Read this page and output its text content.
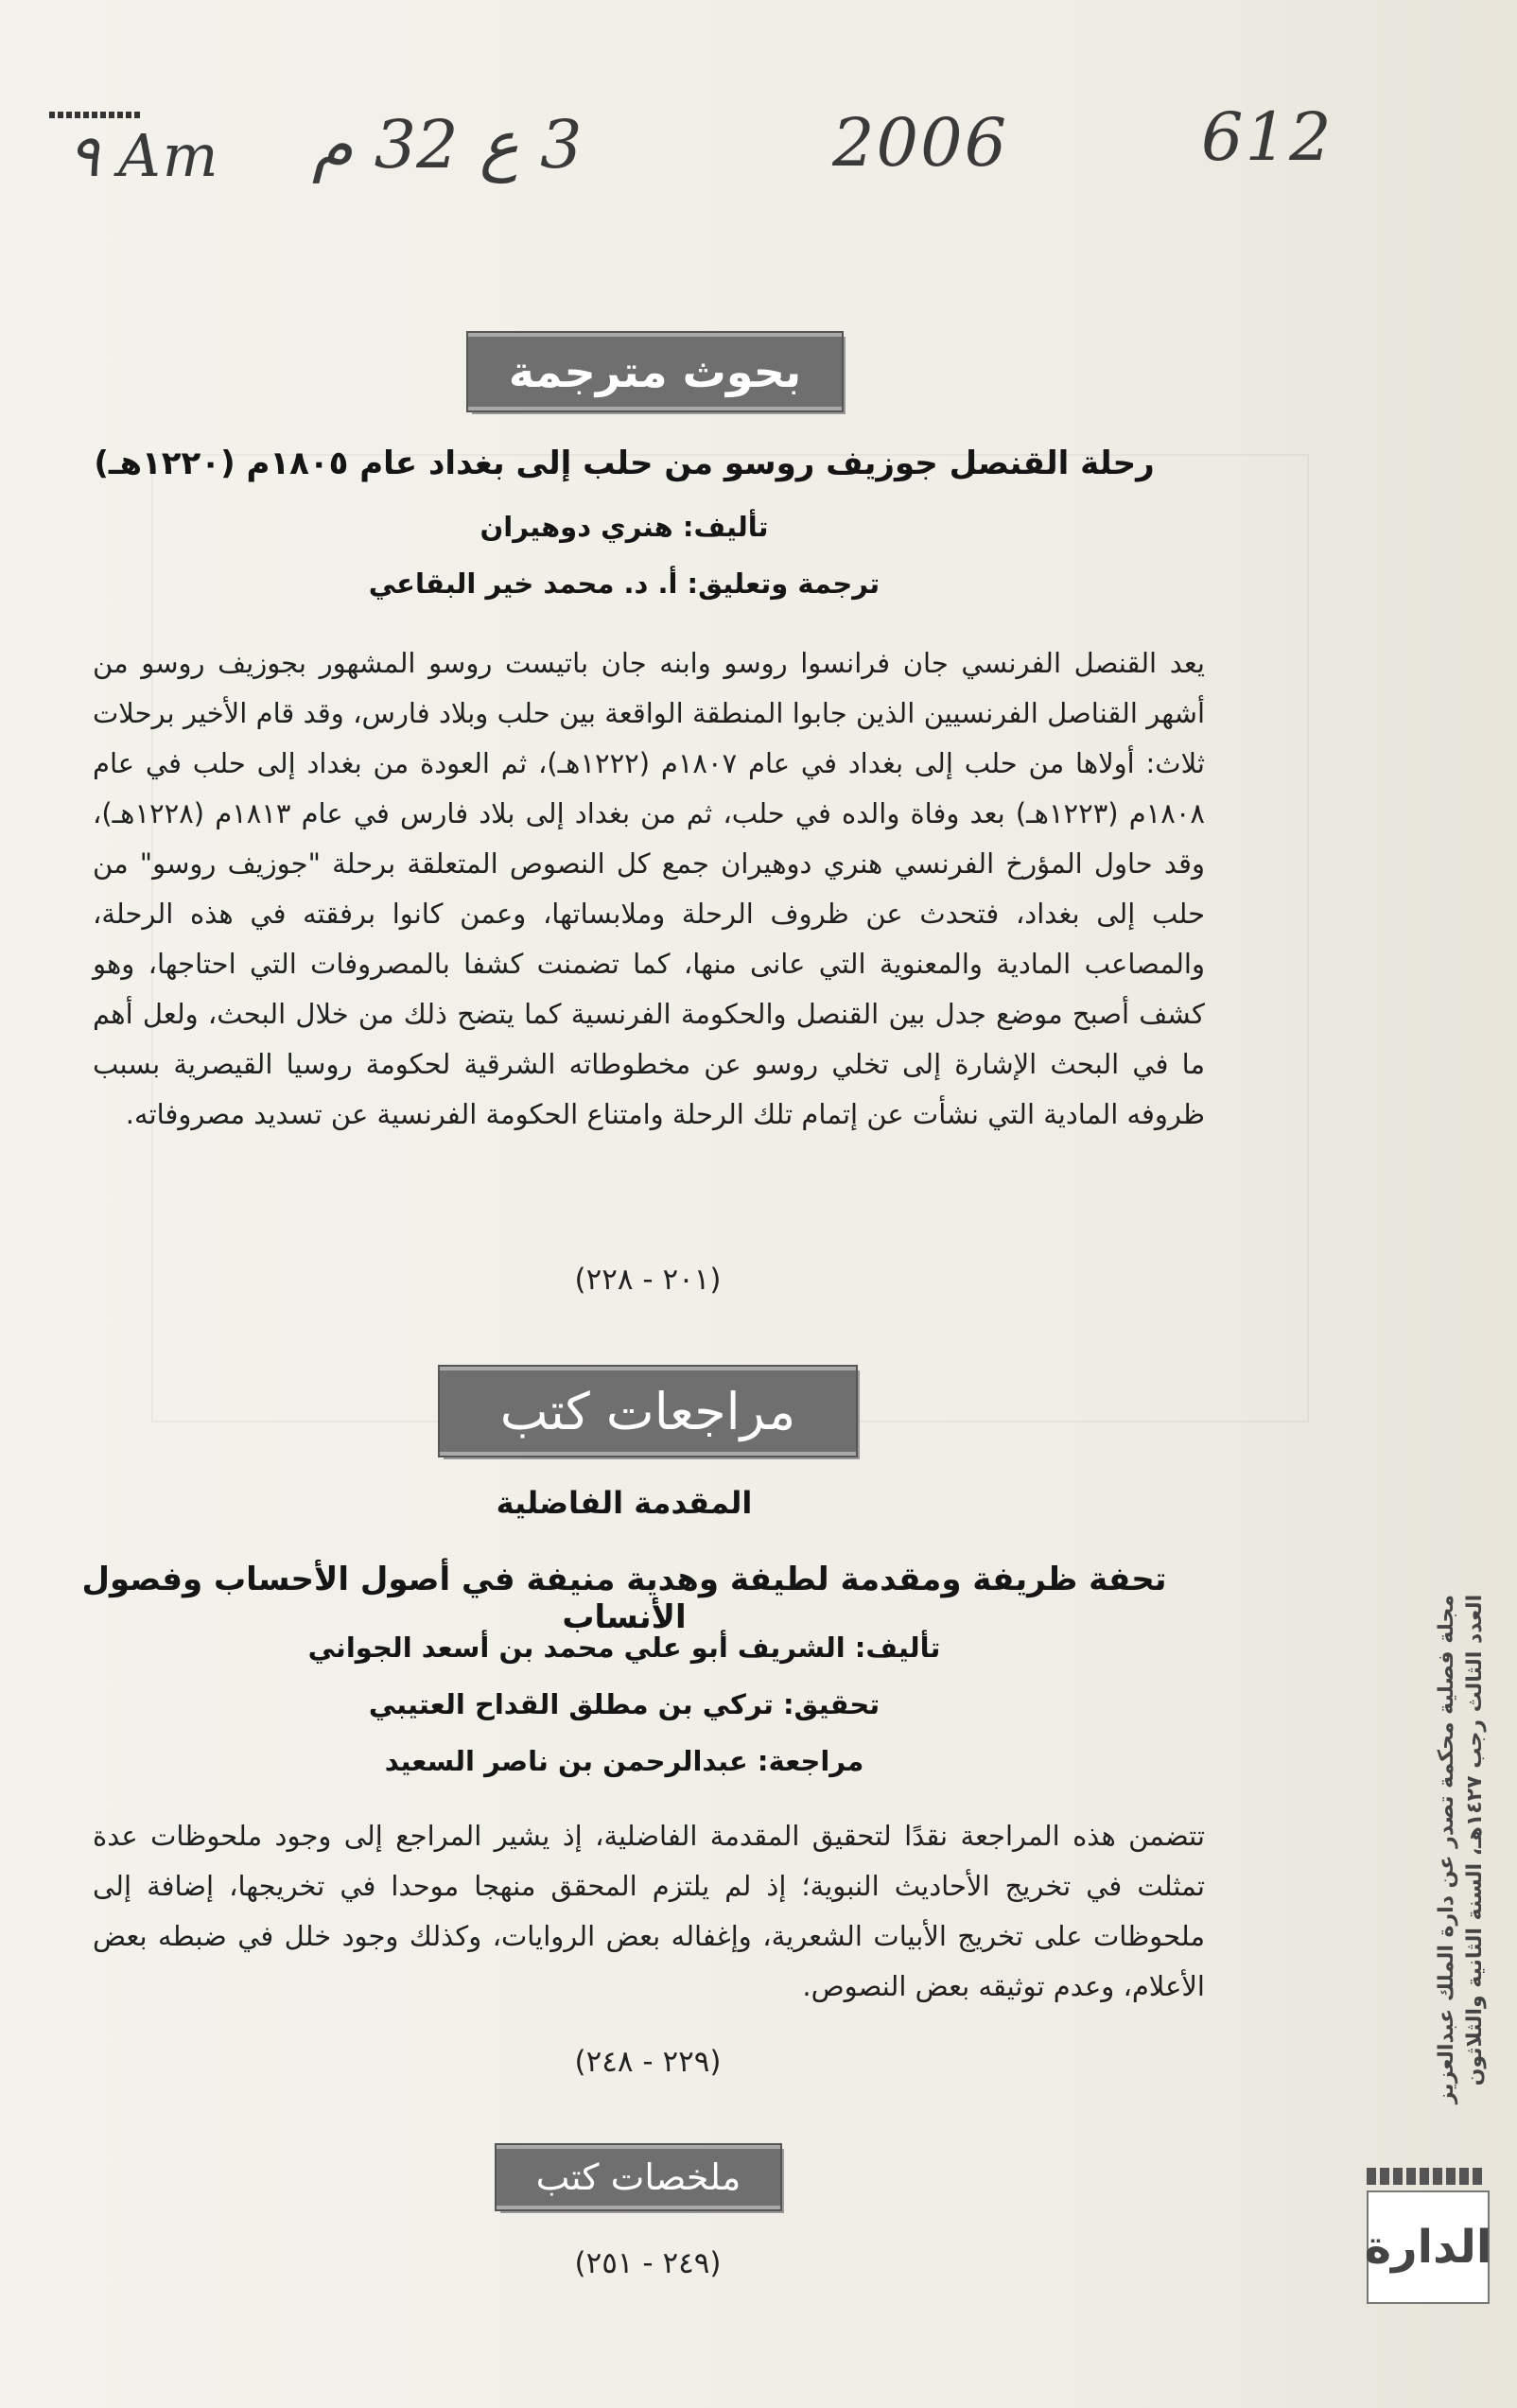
٩ Am 3 ع 32 م	2006	612
بحوث مترجمة
رحلة القنصل جوزيف روسو من حلب إلى بغداد عام ١٨٠٥م (١٢٢٠هـ)
تأليف: هنري دوهيران
ترجمة وتعليق: أ. د. محمد خير البقاعي

يعد القنصل الفرنسي جان فرانسوا روسو وابنه جان باتيست روسو المشهور بجوزيف روسو من أشهر القناصل الفرنسيين الذين جابوا المنطقة الواقعة بين حلب وبلاد فارس، وقد قام الأخير برحلات ثلاث: أولاها من حلب إلى بغداد في عام ١٨٠٧م (١٢٢٢هـ)، ثم العودة من بغداد إلى حلب في عام ١٨٠٨م (١٢٢٣هـ) بعد وفاة والده في حلب، ثم من بغداد إلى بلاد فارس في عام ١٨١٣م (١٢٢٨هـ)، وقد حاول المؤرخ الفرنسي هنري دوهيران جمع كل النصوص المتعلقة برحلة "جوزيف روسو" من حلب إلى بغداد، فتحدث عن ظروف الرحلة وملابساتها، وعمن كانوا برفقته في هذه الرحلة، والمصاعب المادية والمعنوية التي عانى منها، كما تضمنت كشفا بالمصروفات التي احتاجها، وهو كشف أصبح موضع جدل بين القنصل والحكومة الفرنسية كما يتضح ذلك من خلال البحث، ولعل أهم ما في البحث الإشارة إلى تخلي روسو عن مخطوطاته الشرقية لحكومة روسيا القيصرية بسبب ظروفه المادية التي نشأت عن إتمام تلك الرحلة وامتناع الحكومة الفرنسية عن تسديد مصروفاته.

(٢٠١ - ٢٢٨)
مراجعات كتب
المقدمة الفاضلية
تحفة ظريفة ومقدمة لطيفة وهدية منيفة في أصول الأحساب وفصول الأنساب
تأليف: الشريف أبو علي محمد بن أسعد الجواني
تحقيق: تركي بن مطلق القداح العتيبي
مراجعة: عبدالرحمن بن ناصر السعيد

تتضمن هذه المراجعة نقدًا لتحقيق المقدمة الفاضلية، إذ يشير المراجع إلى وجود ملحوظات عدة تمثلت في تخريج الأحاديث النبوية؛ إذ لم يلتزم المحقق منهجا موحدا في تخريجها، إضافة إلى ملحوظات على تخريج الأبيات الشعرية، وإغفاله بعض الروايات، وكذلك وجود خلل في ضبطه بعض الأعلام، وعدم توثيقه بعض النصوص.

(٢٢٩ - ٢٤٨)
ملخصات كتب
(٢٤٩ - ٢٥١)
مجلة فصلية محكمة تصدر عن دارة الملك عبدالعزيز العدد الثالث رجب ١٤٢٧هـ، السنة الثانية والثلاثون
الدارة
